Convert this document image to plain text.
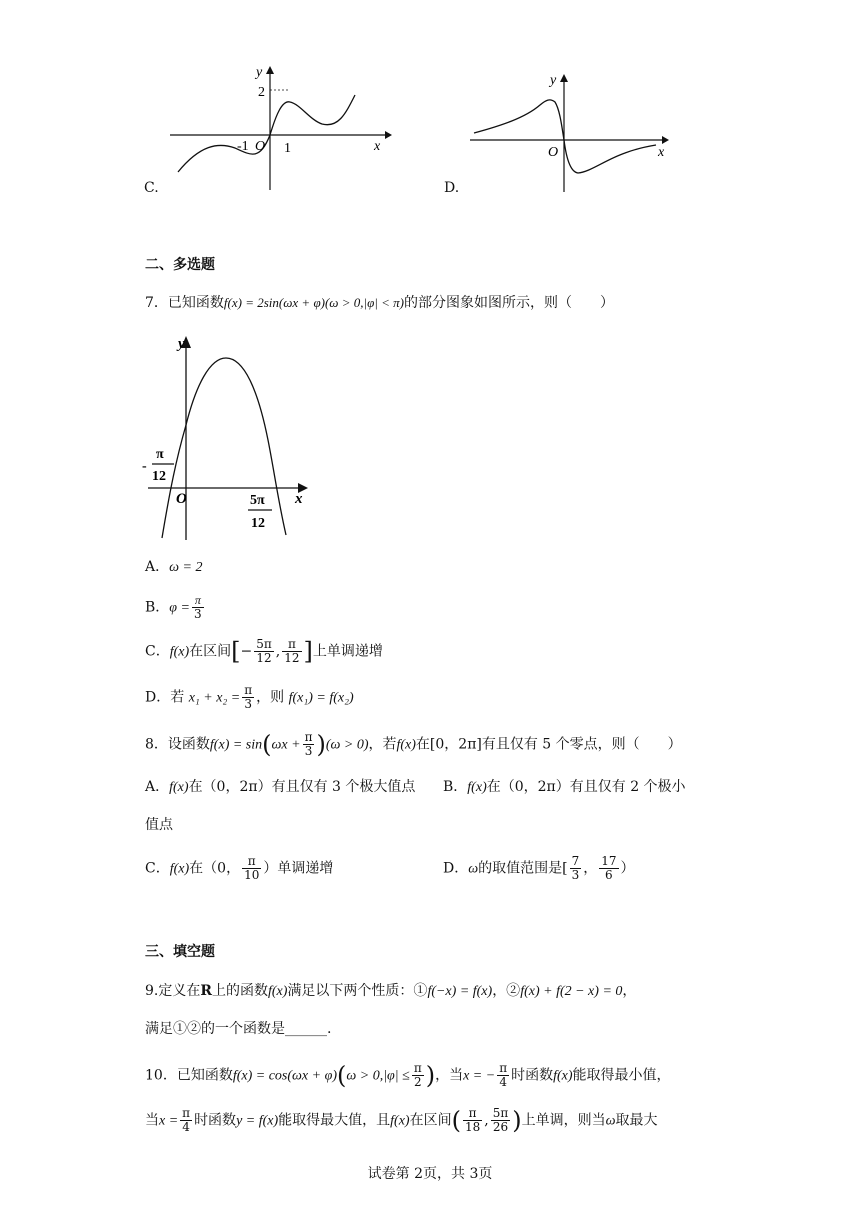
C.
y
2
-1 O 1	x
D.
y
O	x
二、多选题
7．已知函数f(x) = 2sin(ωx + φ)(ω > 0,|φ| < π)的部分图象如图所示，则（　　）
y
O	x
-
π
12
5π
12
A．ω = 2
B．$\varphi = \frac{\pi}{3}$
C．f(x)在区间[− $\frac{5\pi}{12}$ , $\frac{\pi}{12}$ ]上单调递增
D．若 $x_1 + x_2 = \frac{\pi}{3}$ ，则 f(x₁) = f(x₂)
8．设函数$f(x) = \sin(\omega x + \frac{\pi}{3} )(\omega > 0)$，若f(x)在[0，2π]有且仅有 5 个零点，则（　　）
A．f(x)在（0，2π）有且仅有 3 个极大值点 B．f(x)在（0，2π）有且仅有 2 个极小
值点
C．f(x)在（0， $\frac{\pi}{10}$ ）单调递增	D．ω的取值范围是[ $\frac{7}{3}$ ， $\frac{17}{6}$ ）
三、填空题
9.定义在R上的函数f(x)满足以下两个性质：①f(−x) = f(x)，②f(x) + f(2 − x) = 0，
满足①②的一个函数是______.
10．已知函数$f(x) = \cos(\omega x + \varphi)(\omega > 0,|\varphi| \le \frac{\pi}{2}$ )，当x = − $\frac{\pi}{4}$ 时函数f(x)能取得最小值，
当$x = \frac{\pi}{4}$ 时函数y = f(x)能取得最大值，且f(x)在区间( $\frac{\pi}{18}$ , $\frac{5\pi}{26}$ )上单调，则当ω取最大
试卷第 2页，共 3页
